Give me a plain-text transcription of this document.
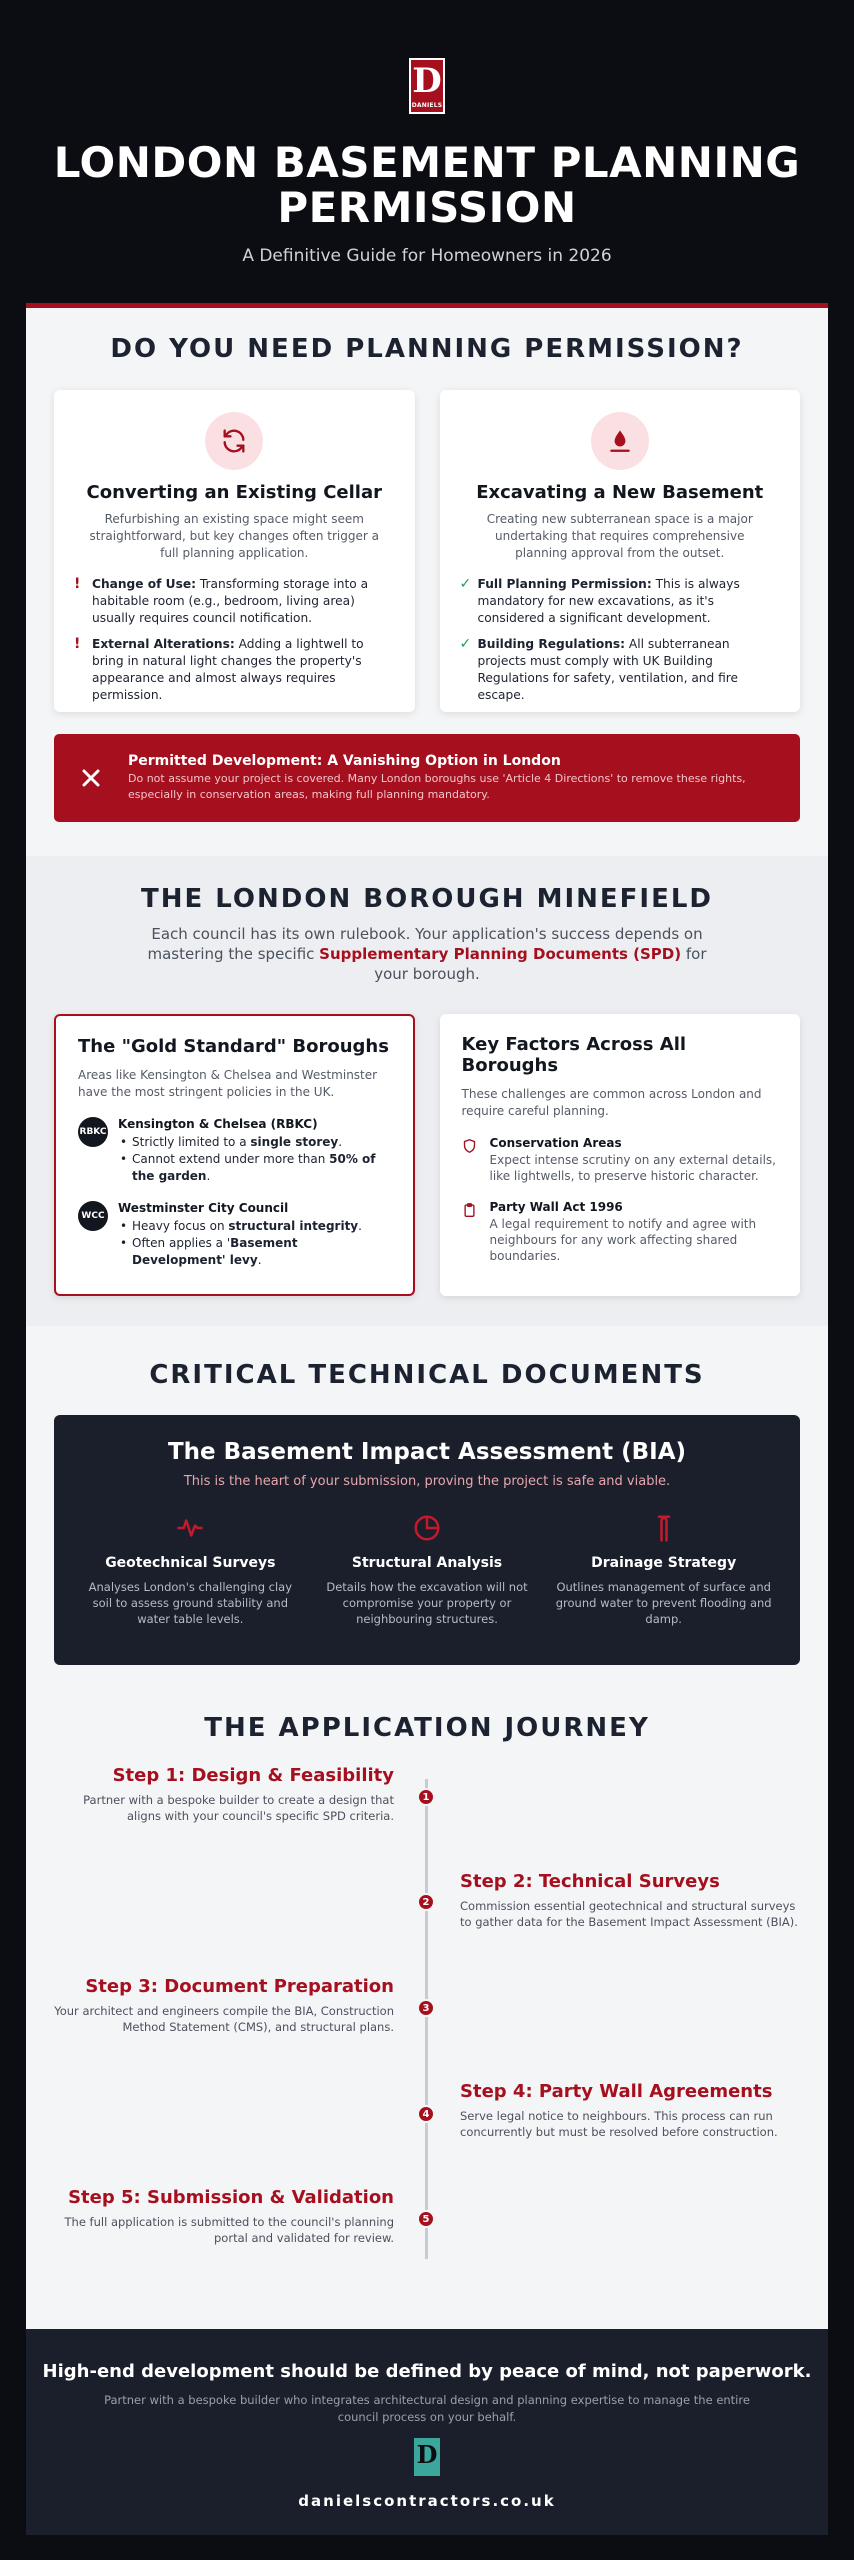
D
DANIELS
LONDON BASEMENT PLANNING PERMISSION
A Definitive Guide for Homeowners in 2026
DO YOU NEED PLANNING PERMISSION?
Converting an Existing Cellar

Refurbishing an existing space might seem straightforward, but key changes often trigger a full planning application.

! Change of Use: Transforming storage into a habitable room (e.g., bedroom, living area) usually requires council notification.
! External Alterations: Adding a lightwell to bring in natural light changes the property's appearance and almost always requires permission.
Excavating a New Basement

Creating new subterranean space is a major undertaking that requires comprehensive planning approval from the outset.

✓ Full Planning Permission: This is always mandatory for new excavations, as it's considered a significant development.
✓ Building Regulations: All subterranean projects must comply with UK Building Regulations for safety, ventilation, and fire escape.
Permitted Development: A Vanishing Option in London

Do not assume your project is covered. Many London boroughs use 'Article 4 Directions' to remove these rights, especially in conservation areas, making full planning mandatory.

THE LONDON BOROUGH MINEFIELD

Each council has its own rulebook. Your application's success depends on mastering the specific Supplementary Planning Documents (SPD) for your borough.

The "Gold Standard" Boroughs

Areas like Kensington & Chelsea and Westminster have the most stringent policies in the UK.

RBKC
Kensington & Chelsea (RBKC)
• Strictly limited to a single storey.
• Cannot extend under more than 50% of the garden.
WCC
Westminster City Council
• Heavy focus on structural integrity.
• Often applies a 'Basement Development' levy.
Key Factors Across All Boroughs

These challenges are common across London and require careful planning.

Conservation Areas

Expect intense scrutiny on any external details, like lightwells, to preserve historic character.

Party Wall Act 1996

A legal requirement to notify and agree with neighbours for any work affecting shared boundaries.

CRITICAL TECHNICAL DOCUMENTS
The Basement Impact Assessment (BIA)
This is the heart of your submission, proving the project is safe and viable.
Geotechnical Surveys

Analyses London's challenging clay soil to assess ground stability and water table levels.

Structural Analysis

Details how the excavation will not compromise your property or neighbouring structures.

Drainage Strategy

Outlines management of surface and ground water to prevent flooding and damp.

THE APPLICATION JOURNEY
Step 1: Design & Feasibility

Partner with a bespoke builder to create a design that aligns with your council's specific SPD criteria.

1
Step 2: Technical Surveys

Commission essential geotechnical and structural surveys to gather data for the Basement Impact Assessment (BIA).

2
Step 3: Document Preparation

Your architect and engineers compile the BIA, Construction Method Statement (CMS), and structural plans.

3
Step 4: Party Wall Agreements

Serve legal notice to neighbours. This process can run concurrently but must be resolved before construction.

4
Step 5: Submission & Validation

The full application is submitted to the council's planning portal and validated for review.

5
High-end development should be defined by peace of mind, not paperwork.

Partner with a bespoke builder who integrates architectural design and planning expertise to manage the entire council process on your behalf.

D
danielscontractors.co.uk
